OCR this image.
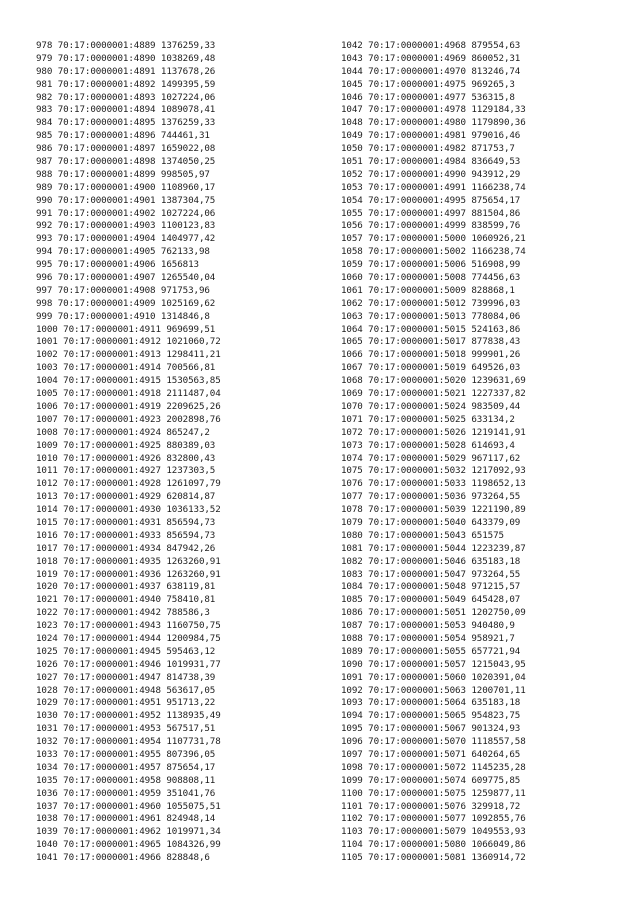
978 70:17:0000001:4889 1376259,33
979 70:17:0000001:4890 1038269,48
980 70:17:0000001:4891 1137678,26
981 70:17:0000001:4892 1499395,59
982 70:17:0000001:4893 1027224,06
983 70:17:0000001:4894 1089078,41
984 70:17:0000001:4895 1376259,33
985 70:17:0000001:4896 744461,31
986 70:17:0000001:4897 1659022,08
987 70:17:0000001:4898 1374050,25
988 70:17:0000001:4899 998505,97
989 70:17:0000001:4900 1108960,17
990 70:17:0000001:4901 1387304,75
991 70:17:0000001:4902 1027224,06
992 70:17:0000001:4903 1100123,83
993 70:17:0000001:4904 1404977,42
994 70:17:0000001:4905 762133,98
995 70:17:0000001:4906 1656813
996 70:17:0000001:4907 1265540,04
997 70:17:0000001:4908 971753,96
998 70:17:0000001:4909 1025169,62
999 70:17:0000001:4910 1314846,8
1000 70:17:0000001:4911 969699,51
1001 70:17:0000001:4912 1021060,72
1002 70:17:0000001:4913 1298411,21
1003 70:17:0000001:4914 700566,81
1004 70:17:0000001:4915 1530563,85
1005 70:17:0000001:4918 2111487,04
1006 70:17:0000001:4919 2209625,26
1007 70:17:0000001:4923 2002898,76
1008 70:17:0000001:4924 865247,2
1009 70:17:0000001:4925 880389,03
1010 70:17:0000001:4926 832800,43
1011 70:17:0000001:4927 1237303,5
1012 70:17:0000001:4928 1261097,79
1013 70:17:0000001:4929 620814,87
1014 70:17:0000001:4930 1036133,52
1015 70:17:0000001:4931 856594,73
1016 70:17:0000001:4933 856594,73
1017 70:17:0000001:4934 847942,26
1018 70:17:0000001:4935 1263260,91
1019 70:17:0000001:4936 1263260,91
1020 70:17:0000001:4937 638119,81
1021 70:17:0000001:4940 758410,81
1022 70:17:0000001:4942 788586,3
1023 70:17:0000001:4943 1160750,75
1024 70:17:0000001:4944 1200984,75
1025 70:17:0000001:4945 595463,12
1026 70:17:0000001:4946 1019931,77
1027 70:17:0000001:4947 814738,39
1028 70:17:0000001:4948 563617,05
1029 70:17:0000001:4951 951713,22
1030 70:17:0000001:4952 1138935,49
1031 70:17:0000001:4953 567517,51
1032 70:17:0000001:4954 1107731,78
1033 70:17:0000001:4955 807396,05
1034 70:17:0000001:4957 875654,17
1035 70:17:0000001:4958 908808,11
1036 70:17:0000001:4959 351041,76
1037 70:17:0000001:4960 1055075,51
1038 70:17:0000001:4961 824948,14
1039 70:17:0000001:4962 1019971,34
1040 70:17:0000001:4965 1084326,99
1041 70:17:0000001:4966 828848,6
1042 70:17:0000001:4968 879554,63
1043 70:17:0000001:4969 860052,31
1044 70:17:0000001:4970 813246,74
1045 70:17:0000001:4975 969265,3
1046 70:17:0000001:4977 536315,8
1047 70:17:0000001:4978 1129184,33
1048 70:17:0000001:4980 1179890,36
1049 70:17:0000001:4981 979016,46
1050 70:17:0000001:4982 871753,7
1051 70:17:0000001:4984 836649,53
1052 70:17:0000001:4990 943912,29
1053 70:17:0000001:4991 1166238,74
1054 70:17:0000001:4995 875654,17
1055 70:17:0000001:4997 881504,86
1056 70:17:0000001:4999 838599,76
1057 70:17:0000001:5000 1060926,21
1058 70:17:0000001:5002 1166238,74
1059 70:17:0000001:5006 516908,99
1060 70:17:0000001:5008 774456,63
1061 70:17:0000001:5009 828868,1
1062 70:17:0000001:5012 739996,03
1063 70:17:0000001:5013 778084,06
1064 70:17:0000001:5015 524163,86
1065 70:17:0000001:5017 877838,43
1066 70:17:0000001:5018 999901,26
1067 70:17:0000001:5019 649526,03
1068 70:17:0000001:5020 1239631,69
1069 70:17:0000001:5021 1227337,82
1070 70:17:0000001:5024 983509,44
1071 70:17:0000001:5025 633134,2
1072 70:17:0000001:5026 1219141,91
1073 70:17:0000001:5028 614693,4
1074 70:17:0000001:5029 967117,62
1075 70:17:0000001:5032 1217092,93
1076 70:17:0000001:5033 1198652,13
1077 70:17:0000001:5036 973264,55
1078 70:17:0000001:5039 1221190,89
1079 70:17:0000001:5040 643379,09
1080 70:17:0000001:5043 651575
1081 70:17:0000001:5044 1223239,87
1082 70:17:0000001:5046 635183,18
1083 70:17:0000001:5047 973264,55
1084 70:17:0000001:5048 971215,57
1085 70:17:0000001:5049 645428,07
1086 70:17:0000001:5051 1202750,09
1087 70:17:0000001:5053 940480,9
1088 70:17:0000001:5054 958921,7
1089 70:17:0000001:5055 657721,94
1090 70:17:0000001:5057 1215043,95
1091 70:17:0000001:5060 1020391,04
1092 70:17:0000001:5063 1200701,11
1093 70:17:0000001:5064 635183,18
1094 70:17:0000001:5065 954823,75
1095 70:17:0000001:5067 901324,93
1096 70:17:0000001:5070 1118557,58
1097 70:17:0000001:5071 640264,65
1098 70:17:0000001:5072 1145235,28
1099 70:17:0000001:5074 609775,85
1100 70:17:0000001:5075 1259877,11
1101 70:17:0000001:5076 329918,72
1102 70:17:0000001:5077 1092855,76
1103 70:17:0000001:5079 1049553,93
1104 70:17:0000001:5080 1066049,86
1105 70:17:0000001:5081 1360914,72
